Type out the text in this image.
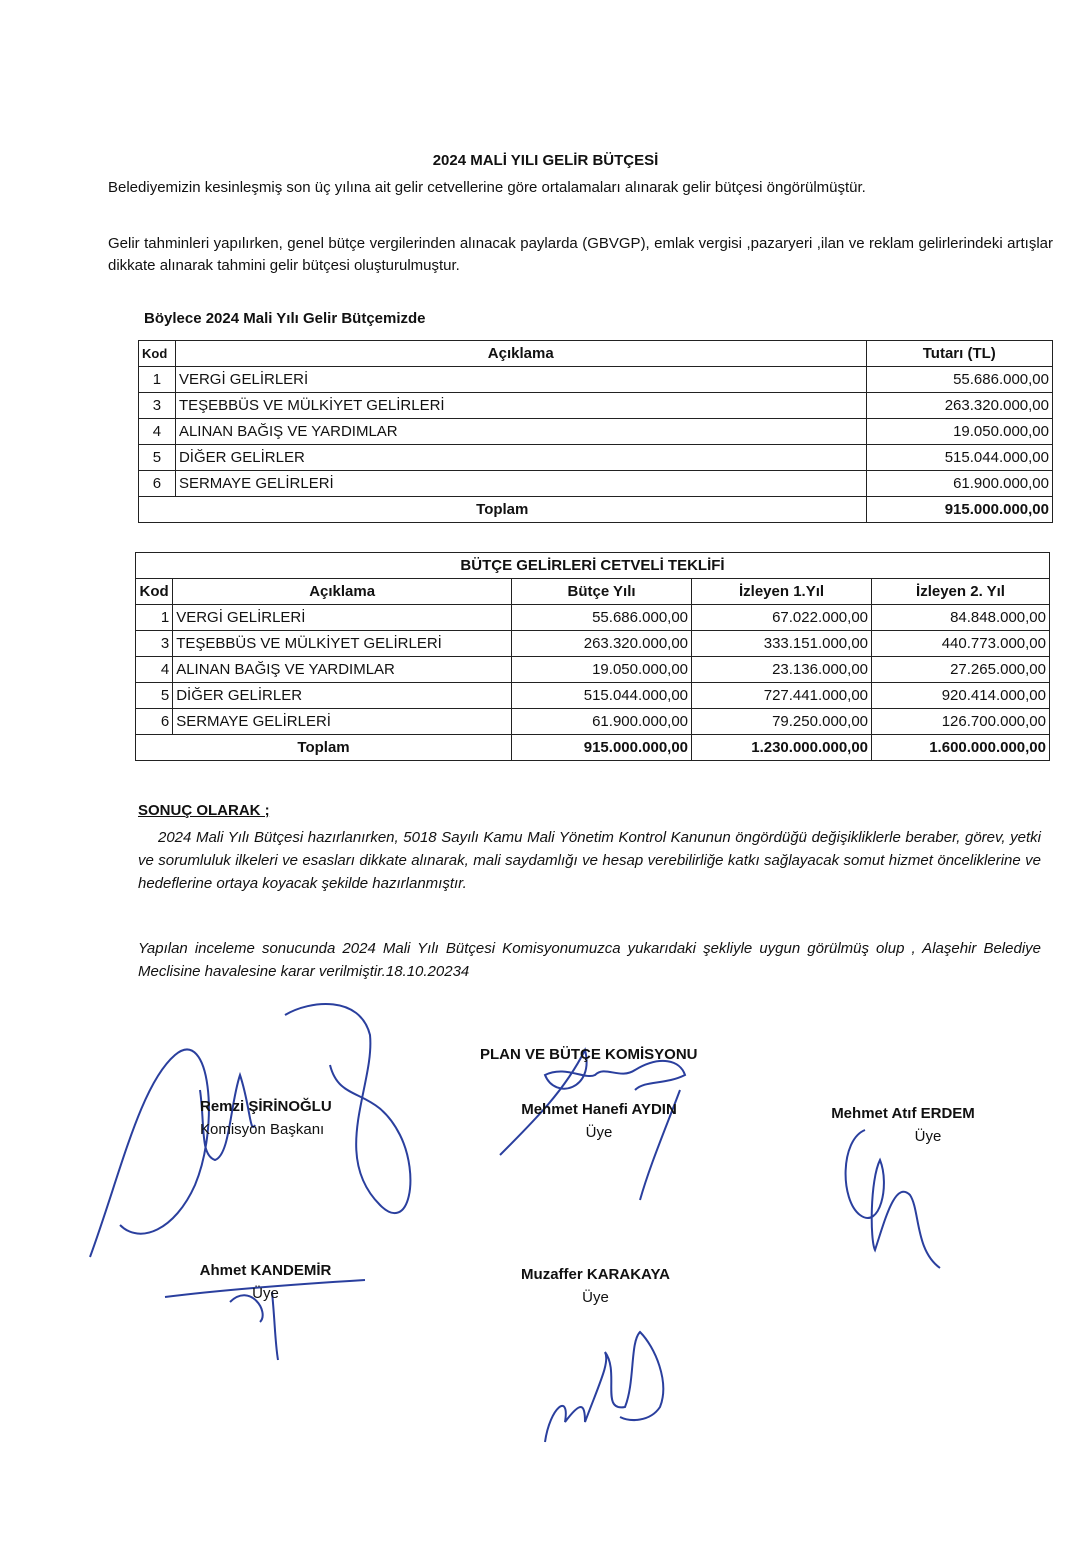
2024 MALİ YILI GELİR BÜTÇESİ
Belediyemizin kesinleşmiş son üç yılına ait gelir cetvellerine göre ortalamaları alınarak gelir bütçesi öngörülmüştür.
Gelir tahminleri yapılırken, genel bütçe vergilerinden alınacak paylarda (GBVGP), emlak vergisi ,pazaryeri ,ilan ve reklam gelirlerindeki artışlar dikkate alınarak tahmini gelir bütçesi oluşturulmuştur.
Böylece 2024 Mali Yılı Gelir Bütçemizde
Kod	Açıklama	Tutarı (TL)
1	VERGİ GELİRLERİ	55.686.000,00
3	TEŞEBBÜS VE MÜLKİYET GELİRLERİ	263.320.000,00
4	ALINAN BAĞIŞ VE YARDIMLAR	19.050.000,00
5	DİĞER GELİRLER	515.044.000,00
6	SERMAYE GELİRLERİ	61.900.000,00
Toplam		915.000.000,00
BÜTÇE GELİRLERİ CETVELİ TEKLİFİ				
Kod	Açıklama	Bütçe Yılı	İzleyen 1.Yıl	İzleyen 2. Yıl
1	VERGİ GELİRLERİ	55.686.000,00	67.022.000,00	84.848.000,00
3	TEŞEBBÜS VE MÜLKİYET GELİRLERİ	263.320.000,00	333.151.000,00	440.773.000,00
4	ALINAN BAĞIŞ VE YARDIMLAR	19.050.000,00	23.136.000,00	27.265.000,00
5	DİĞER GELİRLER	515.044.000,00	727.441.000,00	920.414.000,00
6	SERMAYE GELİRLERİ	61.900.000,00	79.250.000,00	126.700.000,00
Toplam		915.000.000,00	1.230.000.000,00	1.600.000.000,00
SONUÇ OLARAK ;
2024 Mali Yılı Bütçesi hazırlanırken, 5018 Sayılı Kamu Mali Yönetim Kontrol Kanunun öngördüğü değişikliklerle beraber, görev, yetki ve sorumluluk ilkeleri ve esasları dikkate alınarak, mali saydamlığı ve hesap verebilirliğe katkı sağlayacak somut hizmet önceliklerine ve hedeflerine ortaya koyacak şekilde hazırlanmıştır.
Yapılan inceleme sonucunda 2024 Mali Yılı Bütçesi Komisyonumuzca yukarıdaki şekliyle uygun görülmüş olup , Alaşehir Belediye Meclisine havalesine karar verilmiştir.18.10.20234
Remzi ŞİRİNOĞLU
Komisyon Başkanı
PLAN VE BÜTÇE KOMİSYONU
Mehmet Hanefi AYDIN
Üye
Mehmet Atıf ERDEM
Üye
Ahmet KANDEMİR
Üye
Muzaffer KARAKAYA
Üye
